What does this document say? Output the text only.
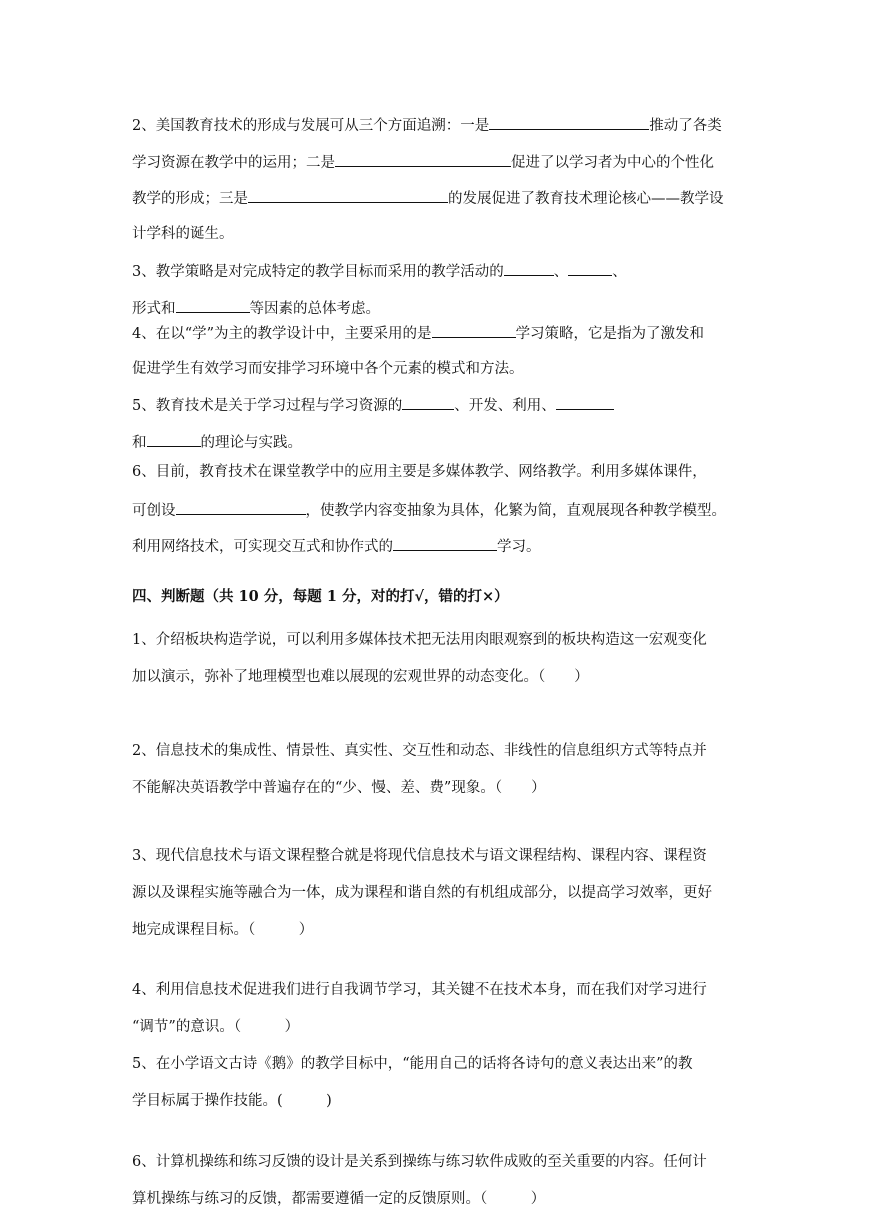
2、美国教育技术的形成与发展可从三个方面追溯：一是	推动了各类
学习资源在教学中的运用；二是	促进了以学习者为中心的个性化
教学的形成；三是	的发展促进了教育技术理论核心——教学设
计学科的诞生。
3、教学策略是对完成特定的教学目标而采用的教学活动的	、	、
形式和	等因素的总体考虑。
4、在以“学”为主的教学设计中，主要采用的是	学习策略，它是指为了激发和
促进学生有效学习而安排学习环境中各个元素的模式和方法。
5、教育技术是关于学习过程与学习资源的	、开发、利用、
和	的理论与实践。
6、目前，教育技术在课堂教学中的应用主要是多媒体教学、网络教学。利用多媒体课件，
可创设	，使教学内容变抽象为具体，化繁为简，直观展现各种教学模型。
利用网络技术，可实现交互式和协作式的	学习。
四、判断题（共 10 分，每题 1 分，对的打√，错的打×）
1、介绍板块构造学说，可以利用多媒体技术把无法用肉眼观察到的板块构造这一宏观变化
加以演示，弥补了地理模型也难以展现的宏观世界的动态变化。（　　）
2、信息技术的集成性、情景性、真实性、交互性和动态、非线性的信息组织方式等特点并
不能解决英语教学中普遍存在的“少、慢、差、费”现象。（　　）
3、现代信息技术与语文课程整合就是将现代信息技术与语文课程结构、课程内容、课程资
源以及课程实施等融合为一体，成为课程和谐自然的有机组成部分，以提高学习效率，更好
地完成课程目标。（　　　）
4、利用信息技术促进我们进行自我调节学习，其关键不在技术本身，而在我们对学习进行
“调节”的意识。（　　　）
5、在小学语文古诗《鹅》的教学目标中，“能用自己的话将各诗句的意义表达出来”的教
学目标属于操作技能。(　　　)
6、计算机操练和练习反馈的设计是关系到操练与练习软件成败的至关重要的内容。任何计
算机操练与练习的反馈，都需要遵循一定的反馈原则。（　　　）
